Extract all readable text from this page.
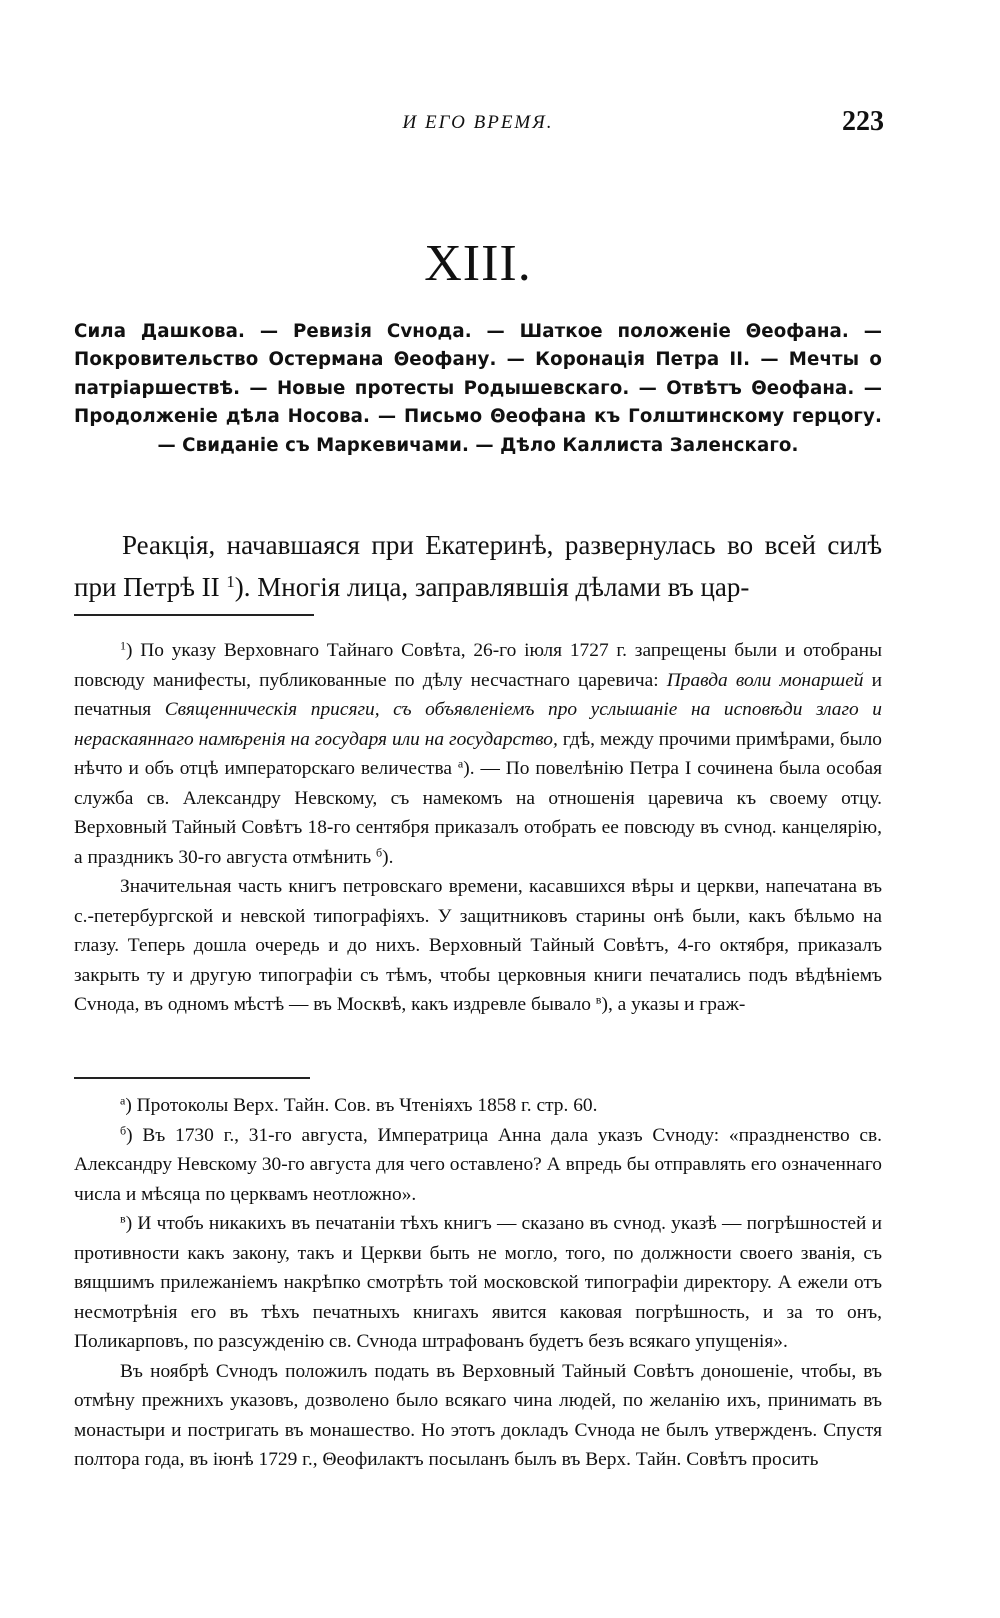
И ЕГО ВРЕМЯ.	223
XIII.
Сила Дашкова. — Ревизія Сvнода. — Шаткое положеніе Θеофана. — Покровительство Остермана Θеофану. — Коронація Петра II. — Мечты о патріаршествѣ. — Новые протесты Родышевскаго. — Отвѣтъ Θеофана. — Продолженіе дѣла Носова. — Письмо Θеофана къ Голштинскому герцогу. — Свиданіе съ Маркевичами. — Дѣло Каллиста Заленскаго.

Реакція, начавшаяся при Екатеринѣ, развернулась во всей силѣ при Петрѣ II $^1$). Многія лица, заправлявшія дѣлами въ цар-

$^1$) По указу Верховнаго Тайнаго Совѣта, 26-го іюля 1727 г. запрещены были и отобраны повсюду манифесты, публикованные по дѣлу несчастнаго царевича: Правда воли монаршей и печатныя Священническія присяги, съ объявленіемъ про услышаніе на исповѣди злаго и нераскаяннаго намѣренія на государя или на государство, гдѣ, между прочими примѣрами, было нѣчто и объ отцѣ императорскаго величества $^а$). — По повелѣнію Петра I сочинена была особая служба св. Александру Невскому, съ намекомъ на отношенія царевича къ своему отцу. Верховный Тайный Совѣтъ 18-го сентября приказалъ отобрать ее повсюду въ сvнод. канцелярію, а праздникъ 30-го августа отмѣнить $^б$).

Значительная часть книгъ петровскаго времени, касавшихся вѣры и церкви, напечатана въ с.-петербургской и невской типографіяхъ. У защитниковъ старины онѣ были, какъ бѣльмо на глазу. Теперь дошла очередь и до нихъ. Верховный Тайный Совѣтъ, 4-го октября, приказалъ закрыть ту и другую типографіи съ тѣмъ, чтобы церковныя книги печатались подъ вѣдѣніемъ Сvнода, въ одномъ мѣстѣ — въ Москвѣ, какъ издревле бывало $^в$), а указы и граж-

$^а$) Протоколы Верх. Тайн. Сов. въ Чтеніяхъ 1858 г. стр. 60.

$^б$) Въ 1730 г., 31-го августа, Императрица Анна дала указъ Сvноду: «праздненство св. Александру Невскому 30-го августа для чего оставлено? А впредь бы отправлять его означеннаго числа и мѣсяца по церквамъ неотложно».

$^в$) И чтобъ никакихъ въ печатаніи тѣхъ книгъ — сказано въ сvнод. указѣ — погрѣшностей и противности какъ закону, такъ и Церкви быть не могло, того, по должности своего званія, съ вящшимъ прилежаніемъ накрѣпко смотрѣть той московской типографіи директору. А ежели отъ несмотрѣнія его въ тѣхъ печатныхъ книгахъ явится каковая погрѣшность, и за то онъ, Поликарповъ, по разсужденію св. Сvнода штрафованъ будетъ безъ всякаго упущенія».

Въ ноябрѣ Сvнодъ положилъ подать въ Верховный Тайный Совѣтъ доношеніе, чтобы, въ отмѣну прежнихъ указовъ, дозволено было всякаго чина людей, по желанію ихъ, принимать въ монастыри и постригать въ монашество. Но этотъ докладъ Сvнода не былъ утвержденъ. Спустя полтора года, въ іюнѣ 1729 г., Θеофилактъ посыланъ былъ въ Верх. Тайн. Совѣтъ просить
